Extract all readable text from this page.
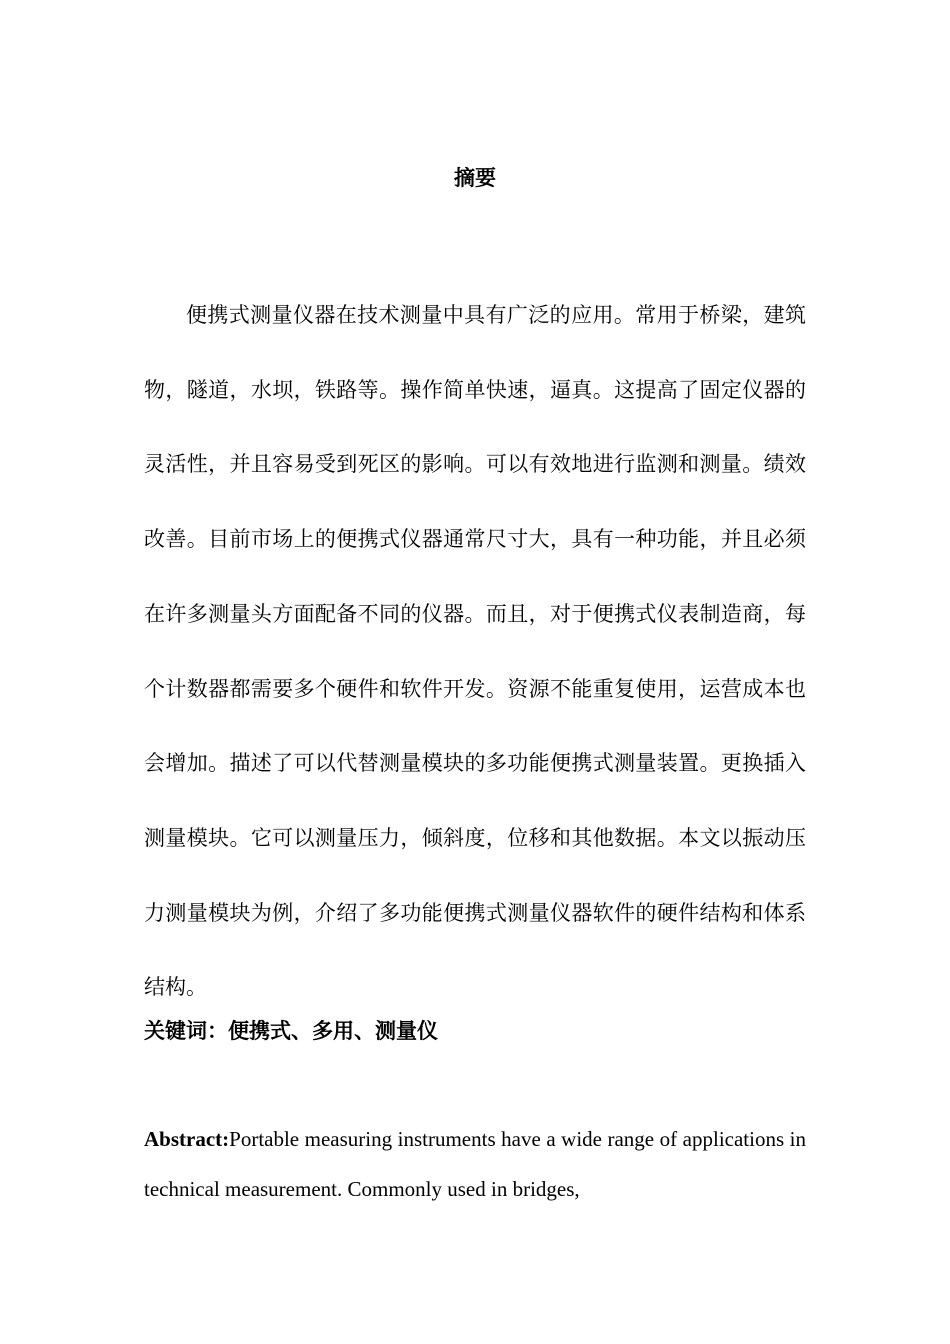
摘要

便携式测量仪器在技术测量中具有广泛的应用。常用于桥梁，建筑物，隧道，水坝，铁路等。操作简单快速，逼真。这提高了固定仪器的灵活性，并且容易受到死区的影响。可以有效地进行监测和测量。绩效改善。目前市场上的便携式仪器通常尺寸大，具有一种功能，并且必须在许多测量头方面配备不同的仪器。而且，对于便携式仪表制造商，每个计数器都需要多个硬件和软件开发。资源不能重复使用，运营成本也会增加。描述了可以代替测量模块的多功能便携式测量装置。更换插入测量模块。它可以测量压力，倾斜度，位移和其他数据。本文以振动压力测量模块为例，介绍了多功能便携式测量仪器软件的硬件结构和体系结构。

关键词：便携式、多用、测量仪

Abstract:Portable measuring instruments have a wide range of applications in technical measurement. Commonly used in bridges,
